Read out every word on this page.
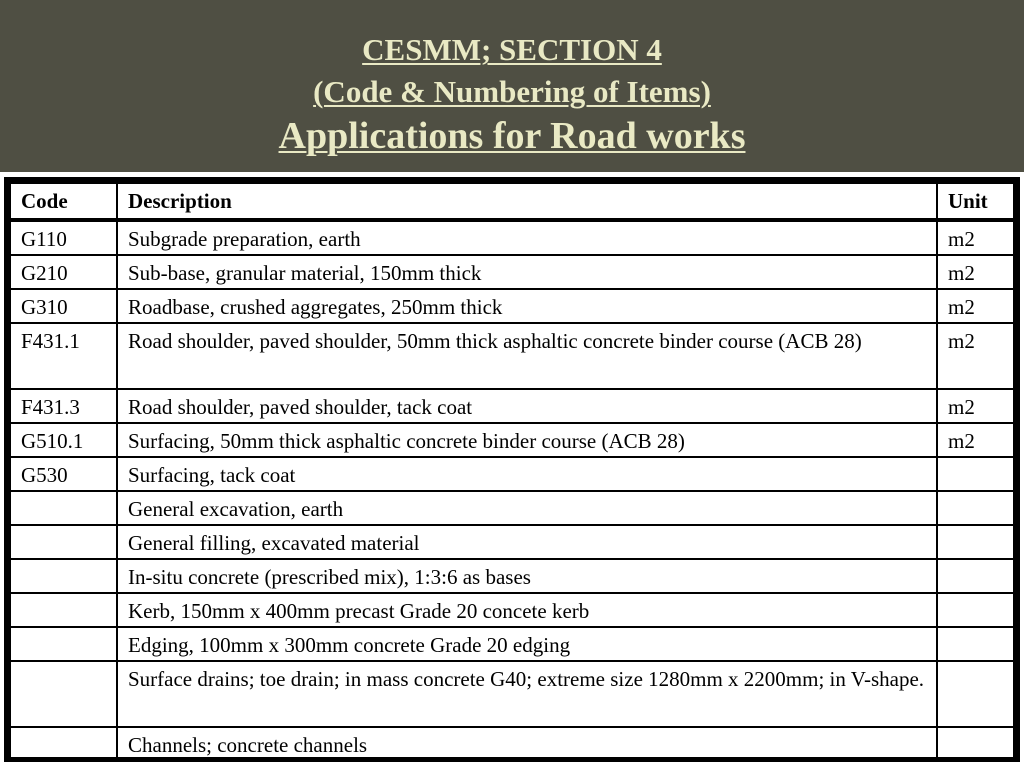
CESMM; SECTION 4
(Code & Numbering of Items)
Applications for Road works
Code	Description	Unit
G110	Subgrade preparation, earth	m2
G210	Sub-base, granular material, 150mm thick	m2
G310	Roadbase, crushed aggregates, 250mm thick	m2
F431.1	Road shoulder, paved shoulder, 50mm thick asphaltic concrete binder course (ACB 28)	m2
F431.3	Road shoulder, paved shoulder, tack coat	m2
G510.1	Surfacing, 50mm thick asphaltic concrete binder course (ACB 28)	m2
G530	Surfacing, tack coat	
	General excavation, earth	
	General filling, excavated material	
	In-situ concrete (prescribed mix), 1:3:6 as bases	
	Kerb, 150mm x 400mm precast Grade 20 concete kerb	
	Edging, 100mm x 300mm concrete Grade 20 edging	
	Surface drains; toe drain; in mass concrete G40; extreme size 1280mm x 2200mm; in V-shape.	
	Channels; concrete channels	
